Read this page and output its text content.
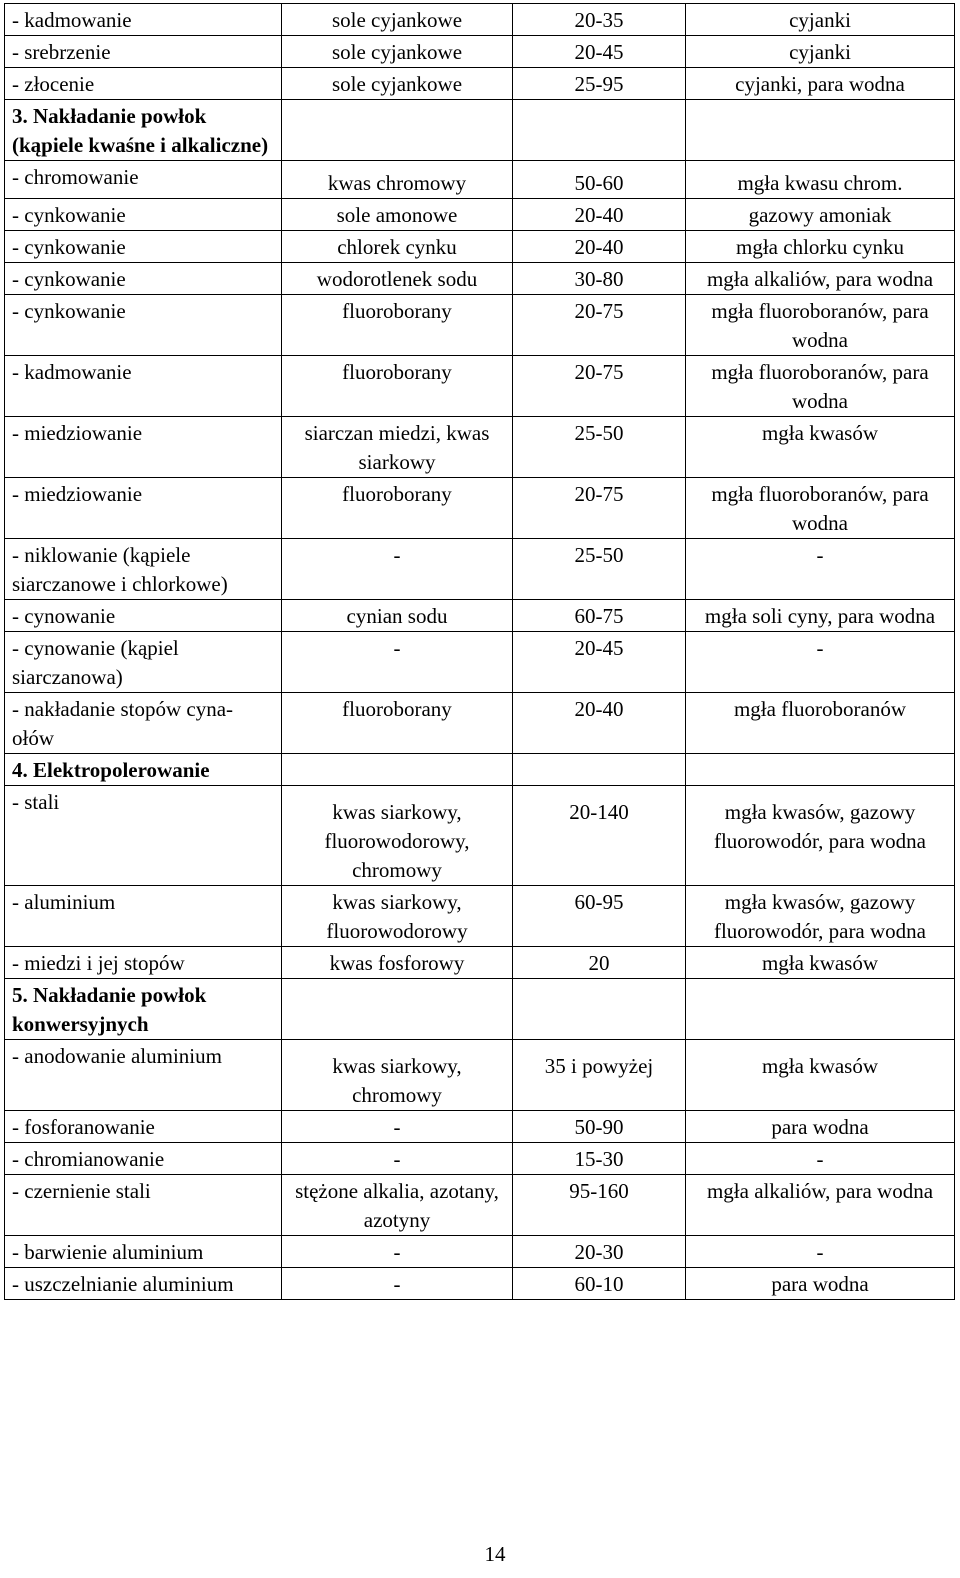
- kadmowanie	sole cyjankowe	20-35	cyjanki
- srebrzenie	sole cyjankowe	20-45	cyjanki
- złocenie	sole cyjankowe	25-95	cyjanki, para wodna
3. Nakładanie powłok (kąpiele kwaśne i alkaliczne)			
- chromowanie	kwas chromowy	50-60	mgła kwasu chrom.
- cynkowanie	sole amonowe	20-40	gazowy amoniak
- cynkowanie	chlorek cynku	20-40	mgła chlorku cynku
- cynkowanie	wodorotlenek sodu	30-80	mgła alkaliów, para wodna
- cynkowanie	fluoroborany	20-75	mgła fluoroboranów, para wodna
- kadmowanie	fluoroborany	20-75	mgła fluoroboranów, para wodna
- miedziowanie	siarczan miedzi, kwas siarkowy	25-50	mgła kwasów
- miedziowanie	fluoroborany	20-75	mgła fluoroboranów, para wodna
- niklowanie (kąpiele siarczanowe i chlorkowe)	-	25-50	-
- cynowanie	cynian sodu	60-75	mgła soli cyny, para wodna
- cynowanie (kąpiel siarczanowa)	-	20-45	-
- nakładanie stopów cyna-ołów	fluoroborany	20-40	mgła fluoroboranów
4. Elektropolerowanie			
- stali	kwas siarkowy, fluorowodorowy, chromowy	20-140	mgła kwasów, gazowy fluorowodór, para wodna
- aluminium	kwas siarkowy, fluorowodorowy	60-95	mgła kwasów, gazowy fluorowodór, para wodna
- miedzi i jej stopów	kwas fosforowy	20	mgła kwasów
5. Nakładanie powłok konwersyjnych			
- anodowanie aluminium	kwas siarkowy, chromowy	35 i powyżej	mgła kwasów
- fosforanowanie	-	50-90	para wodna
- chromianowanie	-	15-30	-
- czernienie stali	stężone alkalia, azotany, azotyny	95-160	mgła alkaliów, para wodna
- barwienie aluminium	-	20-30	-
- uszczelnianie aluminium	-	60-10	para wodna
14
